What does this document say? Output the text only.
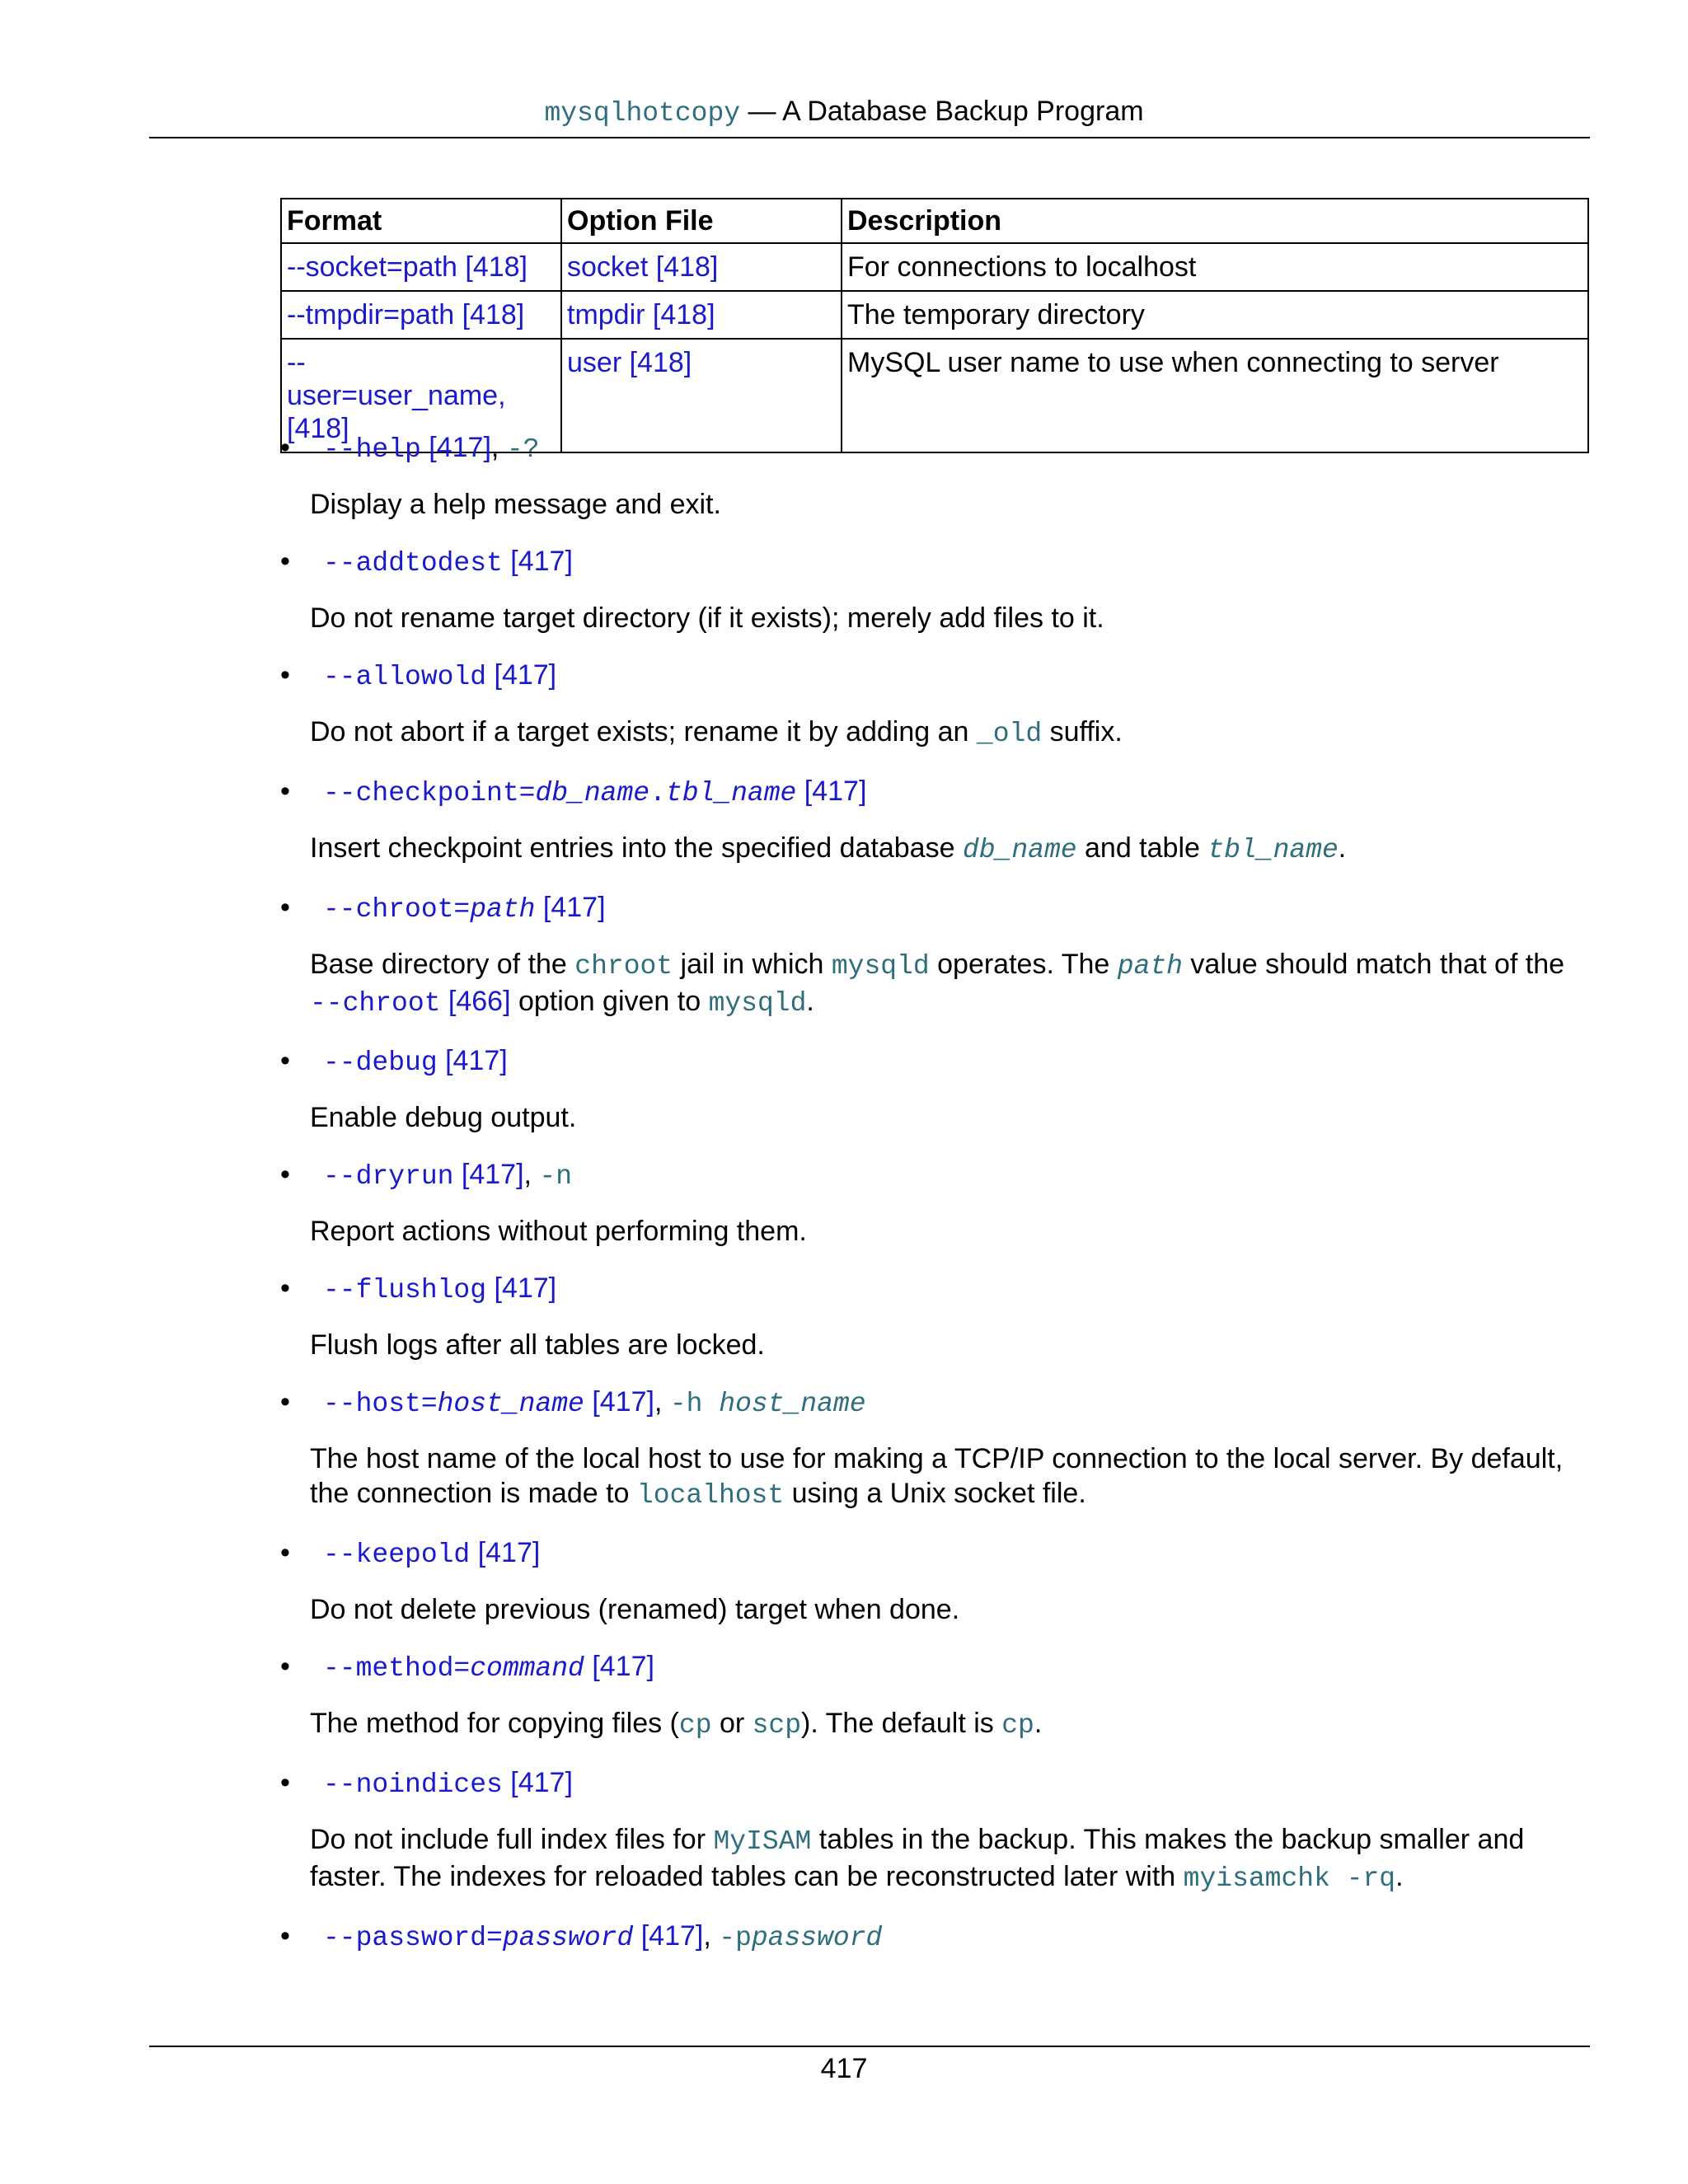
mysqlhotcopy — A Database Backup Program
Format	Option File	Description
--socket=path [418]	socket [418]	For connections to localhost
--tmpdir=path [418]	tmpdir [418]	The temporary directory

--
user=user_name, [418]	user [418]	MySQL user name to use when connecting to server
•	--help [417], -?
Display a help message and exit.
•	--addtodest [417]
Do not rename target directory (if it exists); merely add files to it.
•	--allowold [417]
Do not abort if a target exists; rename it by adding an _old suffix.
•	--checkpoint=db_name.tbl_name [417]
Insert checkpoint entries into the specified database db_name and table tbl_name.
•	--chroot=path [417]
Base directory of the chroot jail in which mysqld operates. The path value should match that of the
--chroot [466] option given to mysqld.
•	--debug [417]
Enable debug output.
•	--dryrun [417], -n
Report actions without performing them.
•	--flushlog [417]
Flush logs after all tables are locked.
•	--host=host_name [417], -h host_name
The host name of the local host to use for making a TCP/IP connection to the local server. By default,
the connection is made to localhost using a Unix socket file.
•	--keepold [417]
Do not delete previous (renamed) target when done.
•	--method=command [417]
The method for copying files (cp or scp). The default is cp.
•	--noindices [417]
Do not include full index files for MyISAM tables in the backup. This makes the backup smaller and
faster. The indexes for reloaded tables can be reconstructed later with myisamchk -rq.
•	--password=password [417], -ppassword
417
